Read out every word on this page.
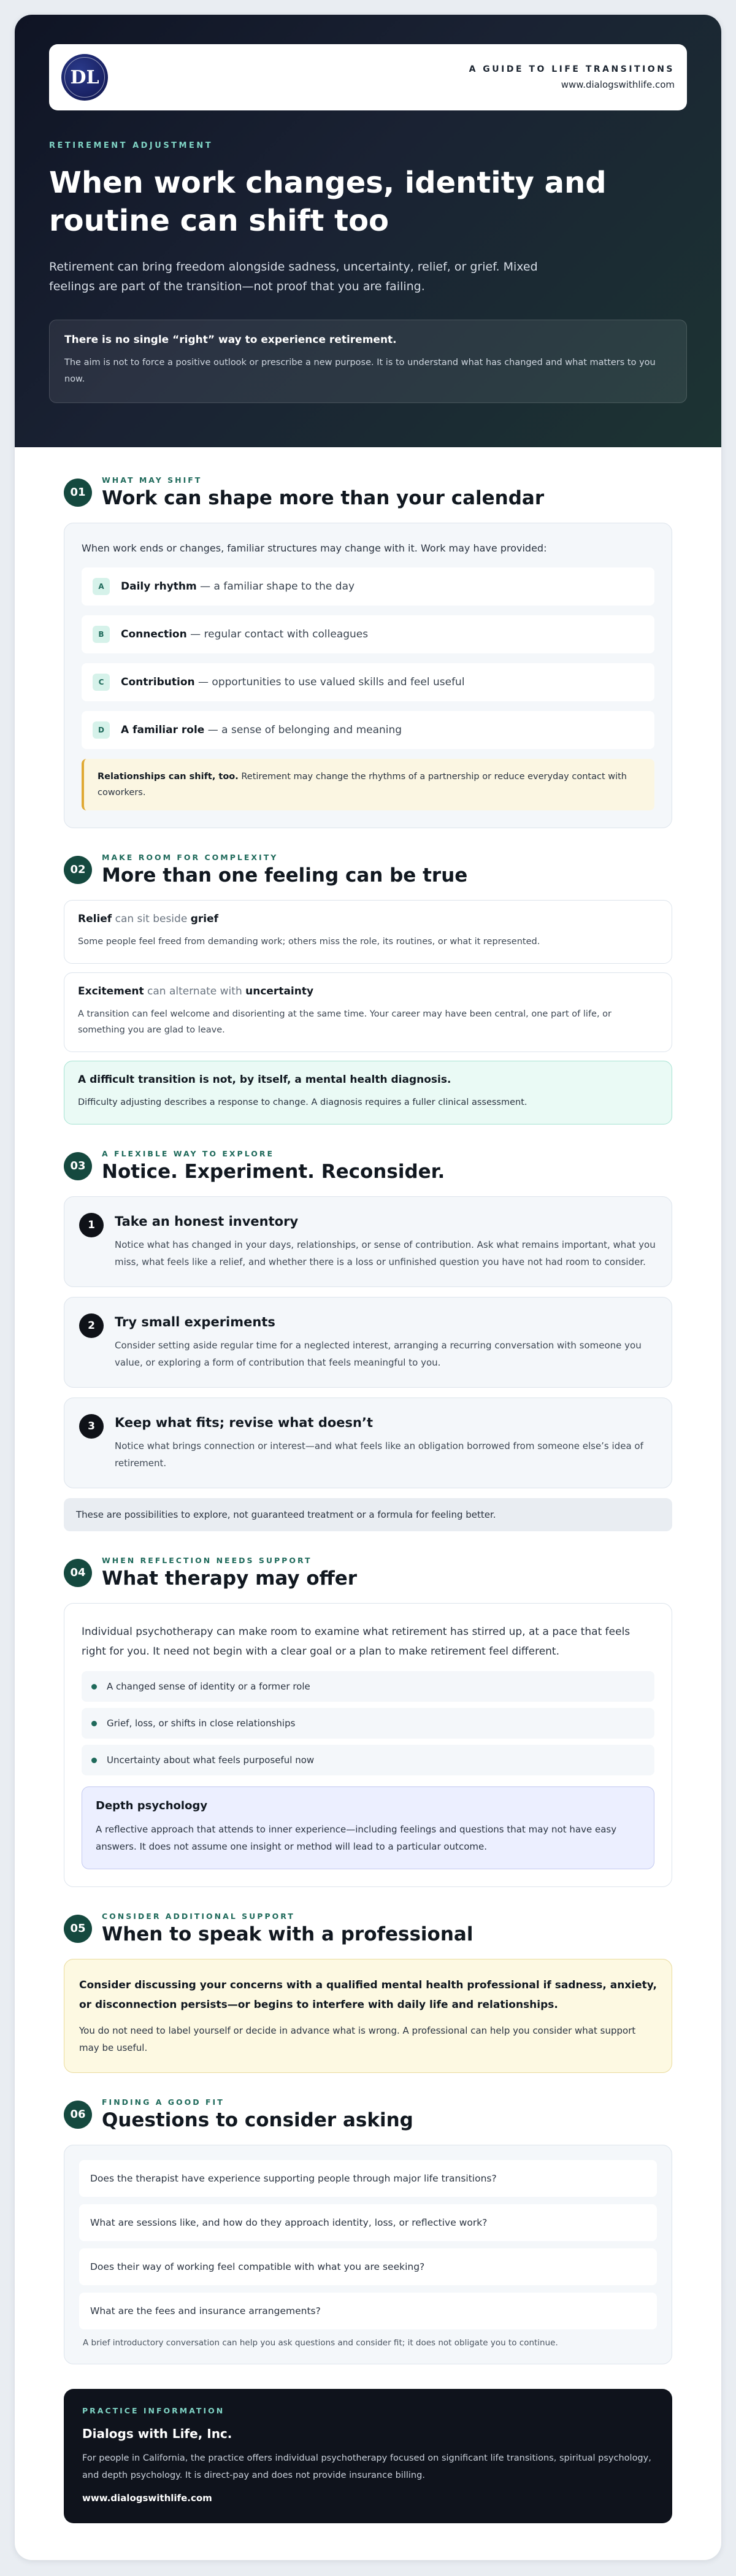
DL	A GUIDE TO LIFE TRANSITIONS
www.dialogswithlife.com
RETIREMENT ADJUSTMENT
When work changes, identity and routine can shift too

Retirement can bring freedom alongside sadness, uncertainty, relief, or grief. Mixed feelings are part of the transition—not proof that you are failing.

There is no single “right” way to experience retirement.
The aim is not to force a positive outlook or prescribe a new purpose. It is to understand what has changed and what matters to you now.
01
WHAT MAY SHIFT
Work can shape more than your calendar
When work ends or changes, familiar structures may change with it. Work may have provided:
A	Daily rhythm — a familiar shape to the day
B	Connection — regular contact with colleagues
C	Contribution — opportunities to use valued skills and feel useful
D	A familiar role — a sense of belonging and meaning
Relationships can shift, too. Retirement may change the rhythms of a partnership or reduce everyday contact with coworkers.
02
MAKE ROOM FOR COMPLEXITY
More than one feeling can be true
Relief can sit beside grief
Some people feel freed from demanding work; others miss the role, its routines, or what it represented.
Excitement can alternate with uncertainty
A transition can feel welcome and disorienting at the same time. Your career may have been central, one part of life, or something you are glad to leave.
A difficult transition is not, by itself, a mental health diagnosis.
Difficulty adjusting describes a response to change. A diagnosis requires a fuller clinical assessment.
03
A FLEXIBLE WAY TO EXPLORE
Notice. Experiment. Reconsider.
1	Take an honest inventory
Notice what has changed in your days, relationships, or sense of contribution. Ask what remains important, what you miss, what feels like a relief, and whether there is a loss or unfinished question you have not had room to consider.
2	Try small experiments
Consider setting aside regular time for a neglected interest, arranging a recurring conversation with someone you value, or exploring a form of contribution that feels meaningful to you.
3	Keep what fits; revise what doesn’t
Notice what brings connection or interest—and what feels like an obligation borrowed from someone else’s idea of retirement.
These are possibilities to explore, not guaranteed treatment or a formula for feeling better.
04
WHEN REFLECTION NEEDS SUPPORT
What therapy may offer
Individual psychotherapy can make room to examine what retirement has stirred up, at a pace that feels right for you. It need not begin with a clear goal or a plan to make retirement feel different.
A changed sense of identity or a former role
Grief, loss, or shifts in close relationships
Uncertainty about what feels purposeful now
Depth psychology
A reflective approach that attends to inner experience—including feelings and questions that may not have easy answers. It does not assume one insight or method will lead to a particular outcome.
05
CONSIDER ADDITIONAL SUPPORT
When to speak with a professional
Consider discussing your concerns with a qualified mental health professional if sadness, anxiety, or disconnection persists—or begins to interfere with daily life and relationships.
You do not need to label yourself or decide in advance what is wrong. A professional can help you consider what support may be useful.
06
FINDING A GOOD FIT
Questions to consider asking
Does the therapist have experience supporting people through major life transitions?
What are sessions like, and how do they approach identity, loss, or reflective work?
Does their way of working feel compatible with what you are seeking?
What are the fees and insurance arrangements?
A brief introductory conversation can help you ask questions and consider fit; it does not obligate you to continue.
PRACTICE INFORMATION
Dialogs with Life, Inc.
For people in California, the practice offers individual psychotherapy focused on significant life transitions, spiritual psychology, and depth psychology. It is direct-pay and does not provide insurance billing.
www.dialogswithlife.com
